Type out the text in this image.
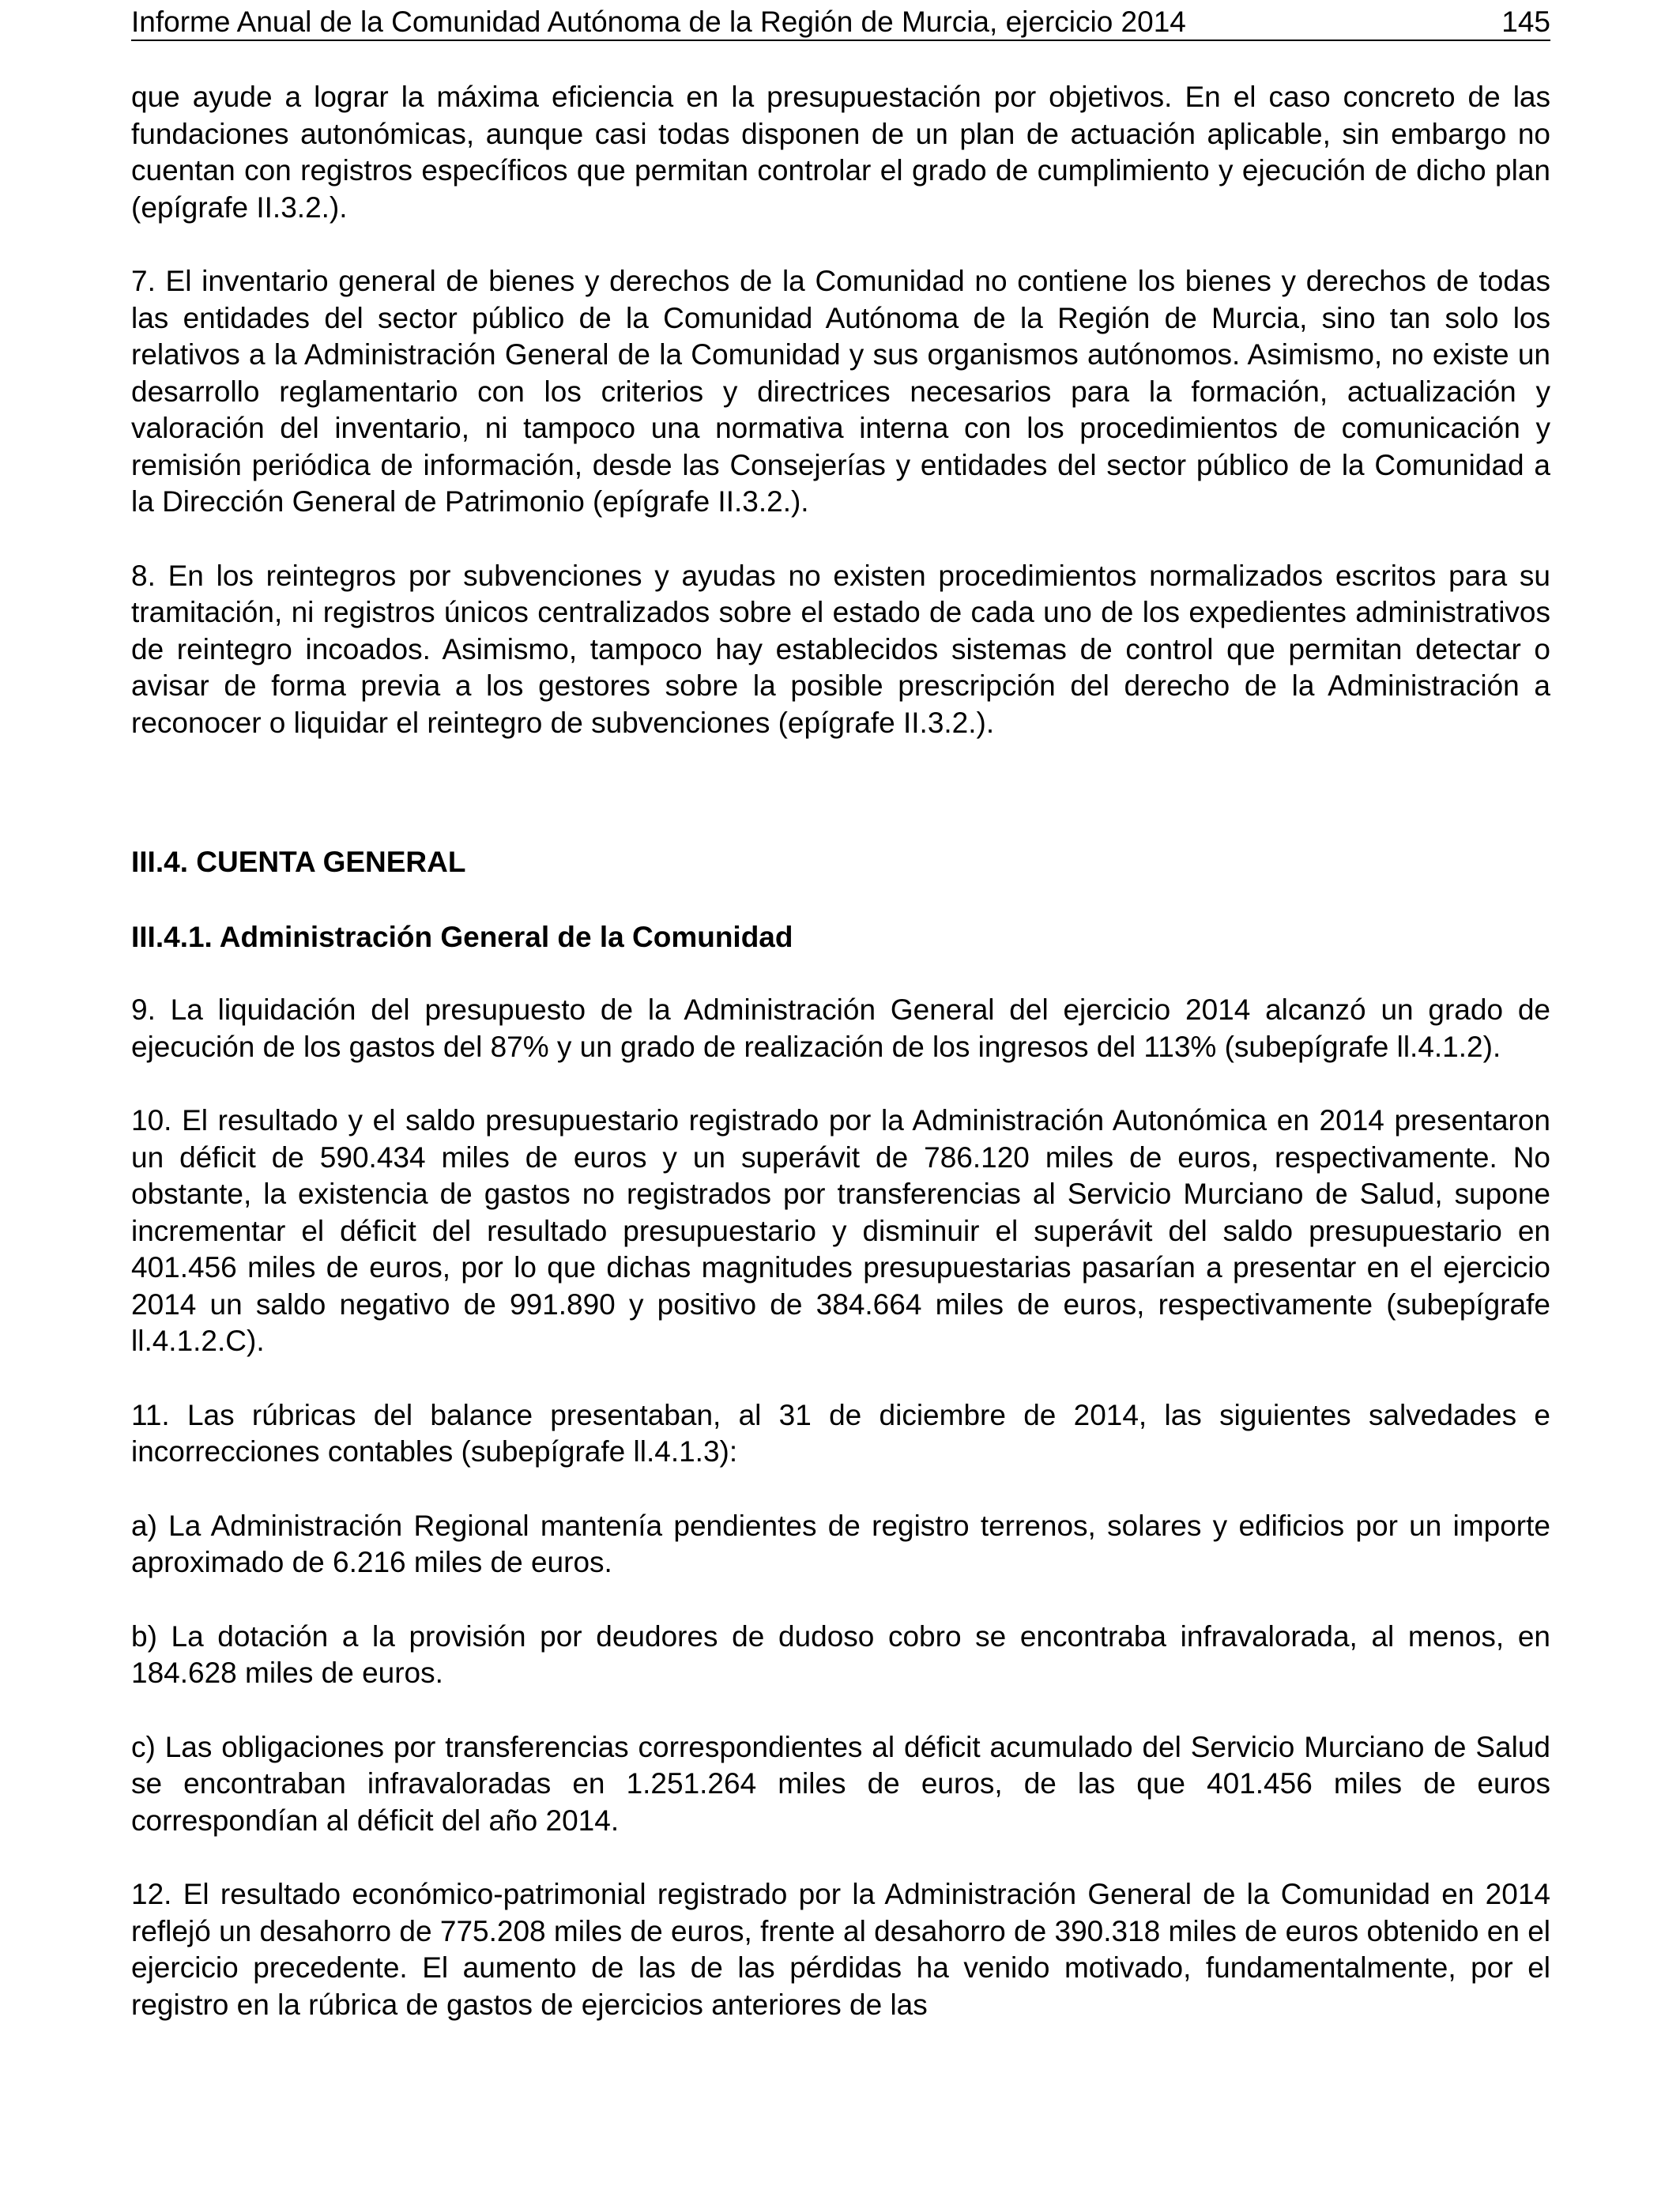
Informe Anual de la Comunidad Autónoma de la Región de Murcia, ejercicio 2014	145

que ayude a lograr la máxima eficiencia en la presupuestación por objetivos. En el caso concreto de las fundaciones autonómicas, aunque casi todas disponen de un plan de actuación aplicable, sin embargo no cuentan con registros específicos que permitan controlar el grado de cumplimiento y ejecución de dicho plan (epígrafe II.3.2.).

7. El inventario general de bienes y derechos de la Comunidad no contiene los bienes y derechos de todas las entidades del sector público de la Comunidad Autónoma de la Región de Murcia, sino tan solo los relativos a la Administración General de la Comunidad y sus organismos autónomos. Asimismo, no existe un desarrollo reglamentario con los criterios y directrices necesarios para la formación, actualización y valoración del inventario, ni tampoco una normativa interna con los procedimientos de comunicación y remisión periódica de información, desde las Consejerías y entidades del sector público de la Comunidad a la Dirección General de Patrimonio (epígrafe II.3.2.).

8. En los reintegros por subvenciones y ayudas no existen procedimientos normalizados escritos para su tramitación, ni registros únicos centralizados sobre el estado de cada uno de los expedientes administrativos de reintegro incoados. Asimismo, tampoco hay establecidos sistemas de control que permitan detectar o avisar de forma previa a los gestores sobre la posible prescripción del derecho de la Administración a reconocer o liquidar el reintegro de subvenciones (epígrafe II.3.2.).

III.4. CUENTA GENERAL
III.4.1. Administración General de la Comunidad

9. La liquidación del presupuesto de la Administración General del ejercicio 2014 alcanzó un grado de ejecución de los gastos del 87% y un grado de realización de los ingresos del 113% (subepígrafe ll.4.1.2).

10. El resultado y el saldo presupuestario registrado por la Administración Autonómica en 2014 presentaron un déficit de 590.434 miles de euros y un superávit de 786.120 miles de euros, respectivamente. No obstante, la existencia de gastos no registrados por transferencias al Servicio Murciano de Salud, supone incrementar el déficit del resultado presupuestario y disminuir el superávit del saldo presupuestario en 401.456 miles de euros, por lo que dichas magnitudes presupuestarias pasarían a presentar en el ejercicio 2014 un saldo negativo de 991.890 y positivo de 384.664 miles de euros, respectivamente (subepígrafe ll.4.1.2.C).

11. Las rúbricas del balance presentaban, al 31 de diciembre de 2014, las siguientes salvedades e incorrecciones contables (subepígrafe ll.4.1.3):

a) La Administración Regional mantenía pendientes de registro terrenos, solares y edificios por un importe aproximado de 6.216 miles de euros.

b) La dotación a la provisión por deudores de dudoso cobro se encontraba infravalorada, al menos, en 184.628 miles de euros.

c) Las obligaciones por transferencias correspondientes al déficit acumulado del Servicio Murciano de Salud se encontraban infravaloradas en 1.251.264 miles de euros, de las que 401.456 miles de euros correspondían al déficit del año 2014.

12. El resultado económico-patrimonial registrado por la Administración General de la Comunidad en 2014 reflejó un desahorro de 775.208 miles de euros, frente al desahorro de 390.318 miles de euros obtenido en el ejercicio precedente. El aumento de las de las pérdidas ha venido motivado, fundamentalmente, por el registro en la rúbrica de gastos de ejercicios anteriores de las
